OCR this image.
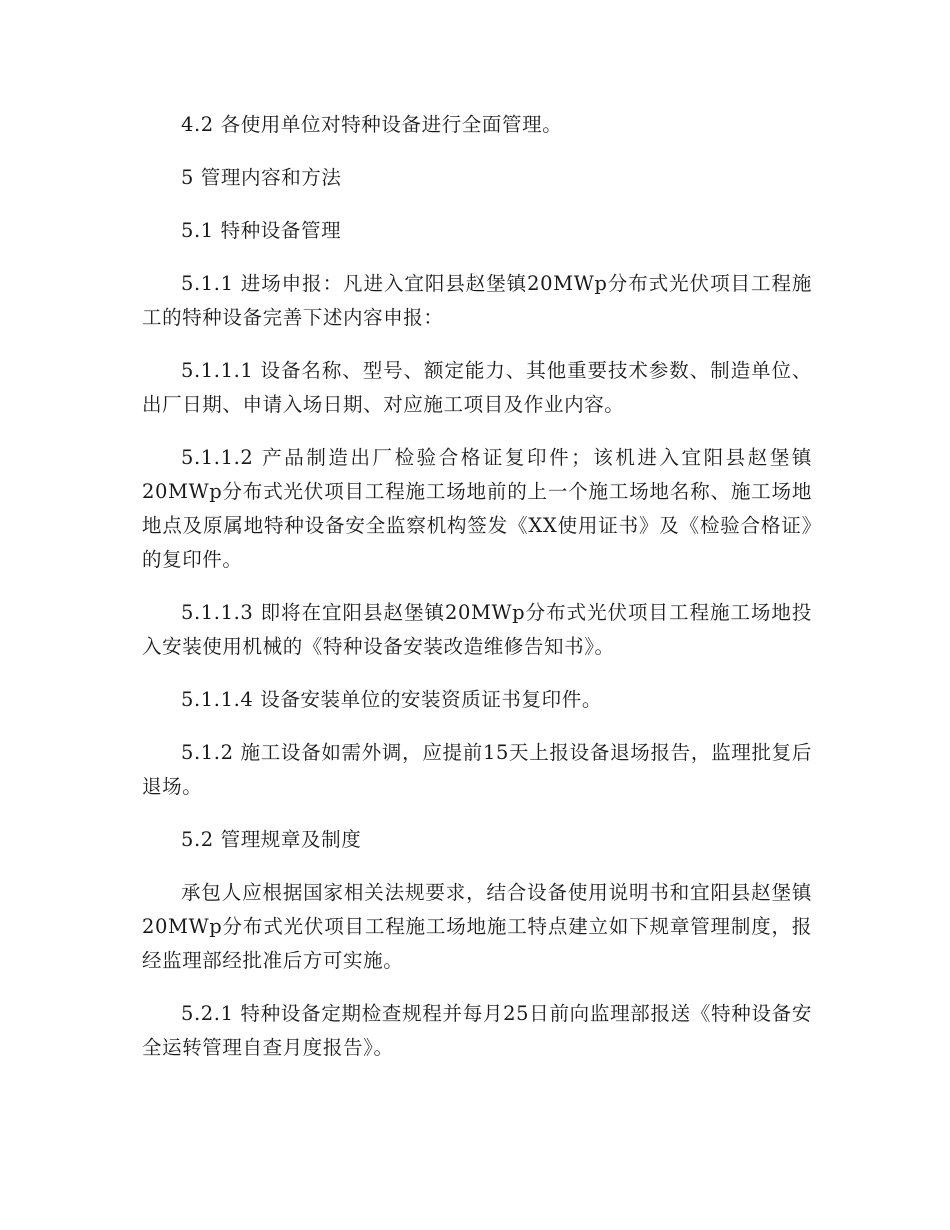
4.2 各使用单位对特种设备进行全面管理。

5 管理内容和方法

5.1 特种设备管理

5.1.1 进场申报：凡进入宜阳县赵堡镇20MWp分布式光伏项目工程施工的特种设备完善下述内容申报：

5.1.1.1 设备名称、型号、额定能力、其他重要技术参数、制造单位、出厂日期、申请入场日期、对应施工项目及作业内容。

5.1.1.2 产品制造出厂检验合格证复印件；该机进入宜阳县赵堡镇20MWp分布式光伏项目工程施工场地前的上一个施工场地名称、施工场地地点及原属地特种设备安全监察机构签发《XX使用证书》及《检验合格证》的复印件。

5.1.1.3 即将在宜阳县赵堡镇20MWp分布式光伏项目工程施工场地投入安装使用机械的《特种设备安装改造维修告知书》。

5.1.1.4 设备安装单位的安装资质证书复印件。

5.1.2 施工设备如需外调，应提前15天上报设备退场报告，监理批复后退场。

5.2 管理规章及制度

承包人应根据国家相关法规要求，结合设备使用说明书和宜阳县赵堡镇20MWp分布式光伏项目工程施工场地施工特点建立如下规章管理制度，报经监理部经批准后方可实施。

5.2.1 特种设备定期检查规程并每月25日前向监理部报送《特种设备安全运转管理自查月度报告》。
